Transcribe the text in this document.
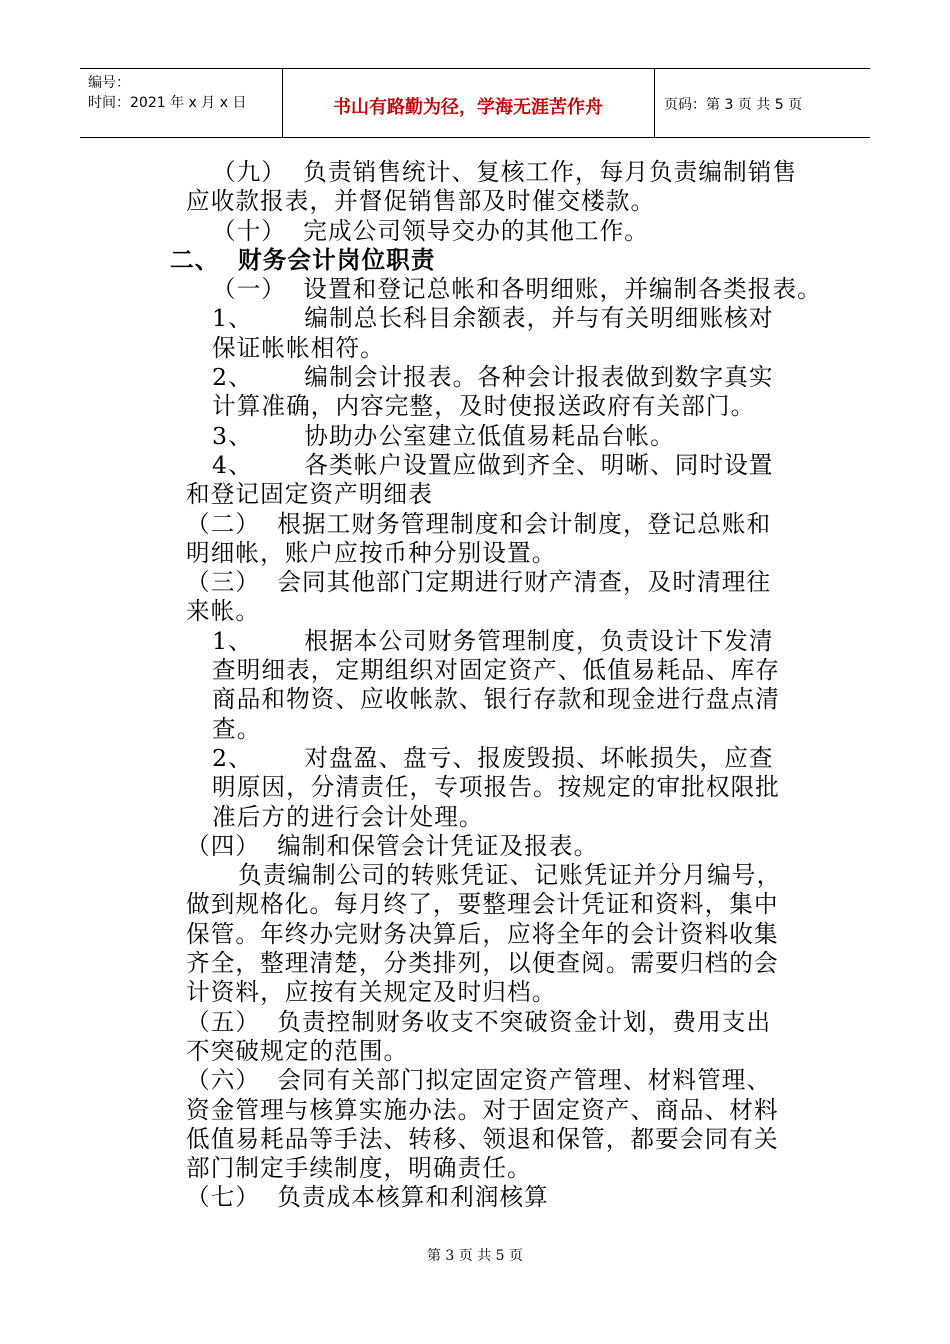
编号：
时间：2021 年 x 月 x 日	书山有路勤为径，学海无涯苦作舟	页码：第 3 页 共 5 页
（九）  负责销售统计、复核工作，每月负责编制销售
应收款报表，并督促销售部及时催交楼款。
（十）  完成公司领导交办的其他工作。
二、  财务会计岗位职责
（一）  设置和登记总帐和各明细账，并编制各类报表。
1、      编制总长科目余额表，并与有关明细账核对
保证帐帐相符。
2、      编制会计报表。各种会计报表做到数字真实
计算准确，内容完整，及时使报送政府有关部门。
3、      协助办公室建立低值易耗品台帐。
4、      各类帐户设置应做到齐全、明晰、同时设置
和登记固定资产明细表
（二）  根据工财务管理制度和会计制度，登记总账和
明细帐，账户应按币种分别设置。
（三）  会同其他部门定期进行财产清查，及时清理往
来帐。
1、      根据本公司财务管理制度，负责设计下发清
查明细表，定期组织对固定资产、低值易耗品、库存
商品和物资、应收帐款、银行存款和现金进行盘点清
查。
2、      对盘盈、盘亏、报废毁损、坏帐损失，应查
明原因，分清责任，专项报告。按规定的审批权限批
准后方的进行会计处理。
（四）  编制和保管会计凭证及报表。
负责编制公司的转账凭证、记账凭证并分月编号，
做到规格化。每月终了，要整理会计凭证和资料，集中
保管。年终办完财务决算后，应将全年的会计资料收集
齐全，整理清楚，分类排列，以便查阅。需要归档的会
计资料，应按有关规定及时归档。
（五）  负责控制财务收支不突破资金计划，费用支出
不突破规定的范围。
（六）  会同有关部门拟定固定资产管理、材料管理、
资金管理与核算实施办法。对于固定资产、商品、材料
低值易耗品等手法、转移、领退和保管，都要会同有关
部门制定手续制度，明确责任。
（七）  负责成本核算和利润核算
第 3 页 共 5 页
